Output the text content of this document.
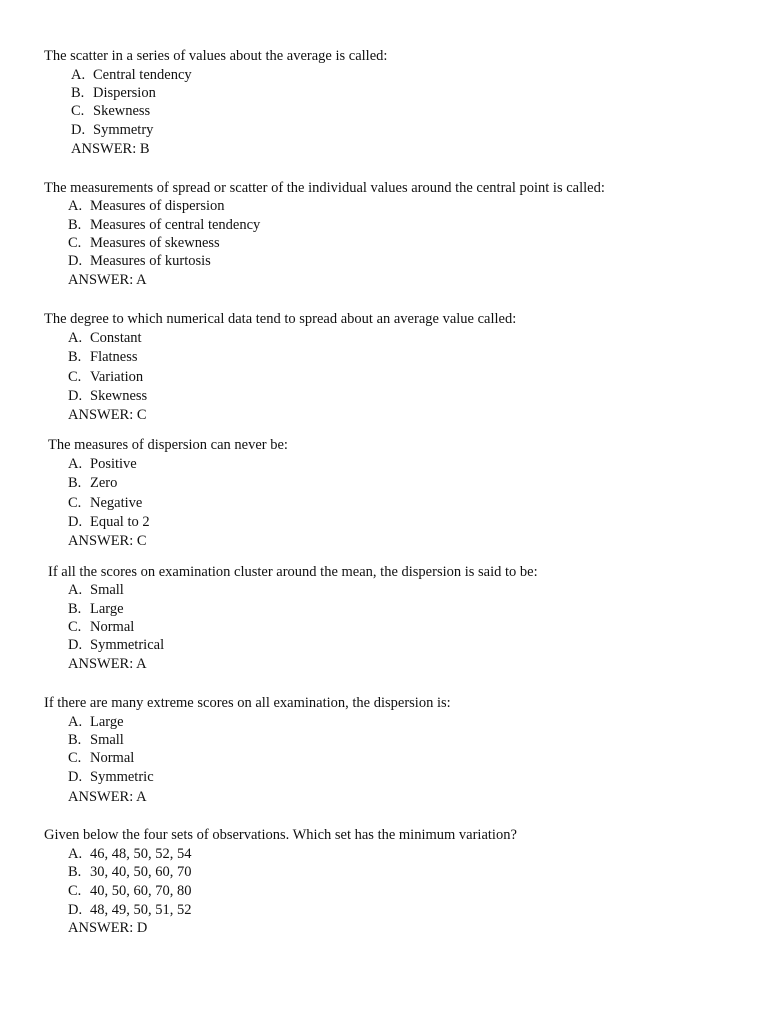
The scatter in a series of values about the average is called:
A. Central tendency
B. Dispersion
C. Skewness
D. Symmetry
ANSWER: B
The measurements of spread or scatter of the individual values around the central point is called:
A. Measures of dispersion
B. Measures of central tendency
C. Measures of skewness
D. Measures of kurtosis
ANSWER: A
The degree to which numerical data tend to spread about an average value called:
A. Constant
B. Flatness
C. Variation
D. Skewness
ANSWER: C
The measures of dispersion can never be:
A. Positive
B. Zero
C. Negative
D. Equal to 2
ANSWER: C
If all the scores on examination cluster around the mean, the dispersion is said to be:
A. Small
B. Large
C. Normal
D. Symmetrical
ANSWER: A
If there are many extreme scores on all examination, the dispersion is:
A. Large
B. Small
C. Normal
D. Symmetric
ANSWER: A
Given below the four sets of observations. Which set has the minimum variation?
A. 46, 48, 50, 52, 54
B. 30, 40, 50, 60, 70
C. 40, 50, 60, 70, 80
D. 48, 49, 50, 51, 52
ANSWER: D
